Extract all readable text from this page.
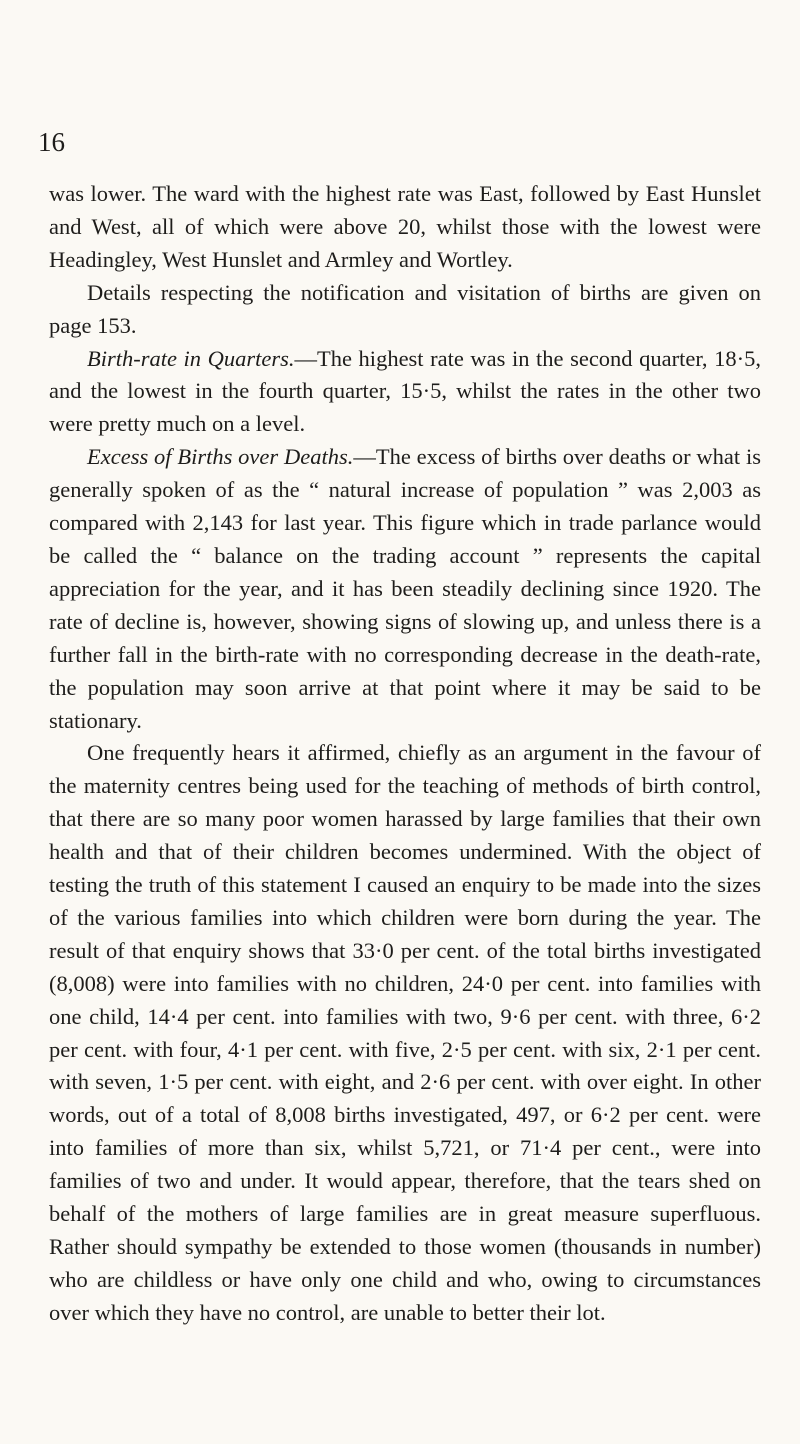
16

was lower. The ward with the highest rate was East, followed by East Hunslet and West, all of which were above 20, whilst those with the lowest were Headingley, West Hunslet and Armley and Wortley.

Details respecting the notification and visitation of births are given on page 153.

Birth-rate in Quarters.—The highest rate was in the second quarter, 18·5, and the lowest in the fourth quarter, 15·5, whilst the rates in the other two were pretty much on a level.

Excess of Births over Deaths.—The excess of births over deaths or what is generally spoken of as the “ natural increase of population ” was 2,003 as compared with 2,143 for last year. This figure which in trade parlance would be called the “ balance on the trading account ” represents the capital appreciation for the year, and it has been steadily declining since 1920. The rate of decline is, however, showing signs of slowing up, and unless there is a further fall in the birth-rate with no corresponding decrease in the death-rate, the population may soon arrive at that point where it may be said to be stationary.

One frequently hears it affirmed, chiefly as an argument in the favour of the maternity centres being used for the teaching of methods of birth control, that there are so many poor women harassed by large families that their own health and that of their children becomes undermined. With the object of testing the truth of this statement I caused an enquiry to be made into the sizes of the various families into which children were born during the year. The result of that enquiry shows that 33·0 per cent. of the total births investigated (8,008) were into families with no children, 24·0 per cent. into families with one child, 14·4 per cent. into families with two, 9·6 per cent. with three, 6·2 per cent. with four, 4·1 per cent. with five, 2·5 per cent. with six, 2·1 per cent. with seven, 1·5 per cent. with eight, and 2·6 per cent. with over eight. In other words, out of a total of 8,008 births investigated, 497, or 6·2 per cent. were into families of more than six, whilst 5,721, or 71·4 per cent., were into families of two and under. It would appear, therefore, that the tears shed on behalf of the mothers of large families are in great measure superfluous. Rather should sympathy be extended to those women (thousands in number) who are childless or have only one child and who, owing to circumstances over which they have no control, are unable to better their lot.
